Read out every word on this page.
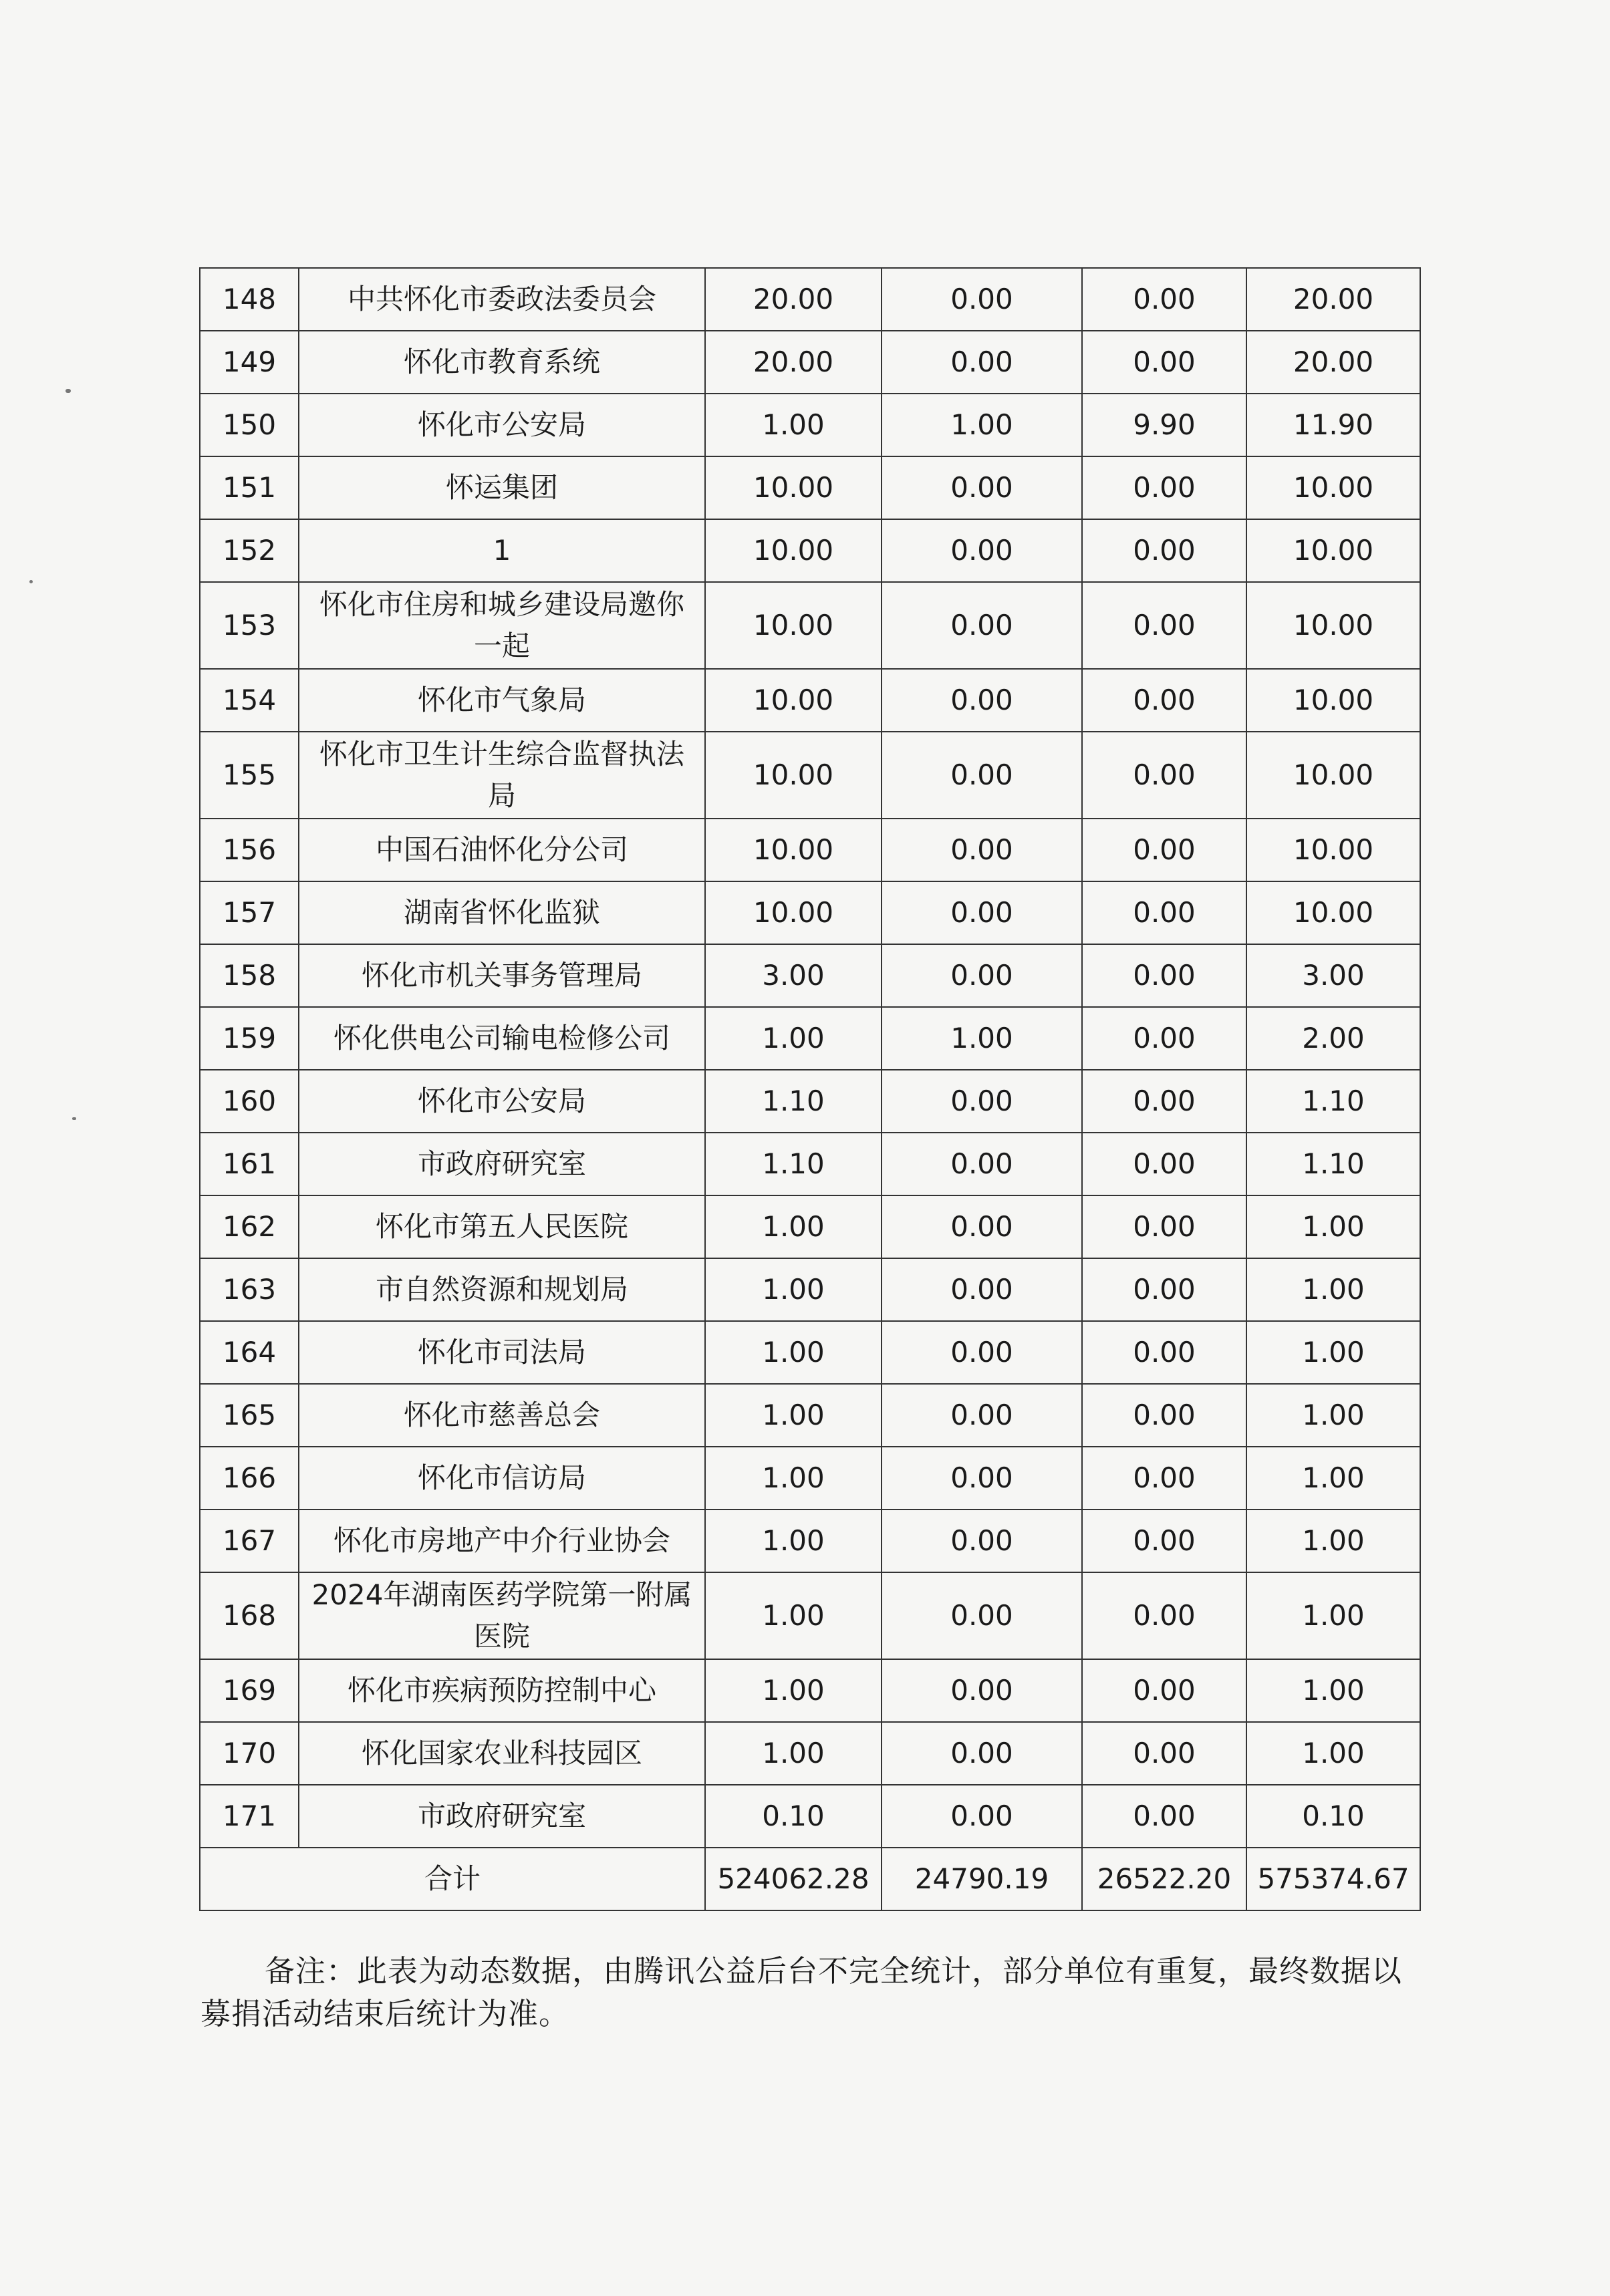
148	中共怀化市委政法委员会	20.00	0.00	0.00	20.00
149	怀化市教育系统	20.00	0.00	0.00	20.00
150	怀化市公安局	1.00	1.00	9.90	11.90
151	怀运集团	10.00	0.00	0.00	10.00
152	1	10.00	0.00	0.00	10.00
153	怀化市住房和城乡建设局邀你一起	10.00	0.00	0.00	10.00
154	怀化市气象局	10.00	0.00	0.00	10.00
155	怀化市卫生计生综合监督执法局	10.00	0.00	0.00	10.00
156	中国石油怀化分公司	10.00	0.00	0.00	10.00
157	湖南省怀化监狱	10.00	0.00	0.00	10.00
158	怀化市机关事务管理局	3.00	0.00	0.00	3.00
159	怀化供电公司输电检修公司	1.00	1.00	0.00	2.00
160	怀化市公安局	1.10	0.00	0.00	1.10
161	市政府研究室	1.10	0.00	0.00	1.10
162	怀化市第五人民医院	1.00	0.00	0.00	1.00
163	市自然资源和规划局	1.00	0.00	0.00	1.00
164	怀化市司法局	1.00	0.00	0.00	1.00
165	怀化市慈善总会	1.00	0.00	0.00	1.00
166	怀化市信访局	1.00	0.00	0.00	1.00
167	怀化市房地产中介行业协会	1.00	0.00	0.00	1.00
168	2024年湖南医药学院第一附属医院	1.00	0.00	0.00	1.00
169	怀化市疾病预防控制中心	1.00	0.00	0.00	1.00
170	怀化国家农业科技园区	1.00	0.00	0.00	1.00
171	市政府研究室	0.10	0.00	0.00	0.10
合计		524062.28	24790.19	26522.20	575374.67

备注：此表为动态数据，由腾讯公益后台不完全统计，部分单位有重复，最终数据以募捐活动结束后统计为准。
